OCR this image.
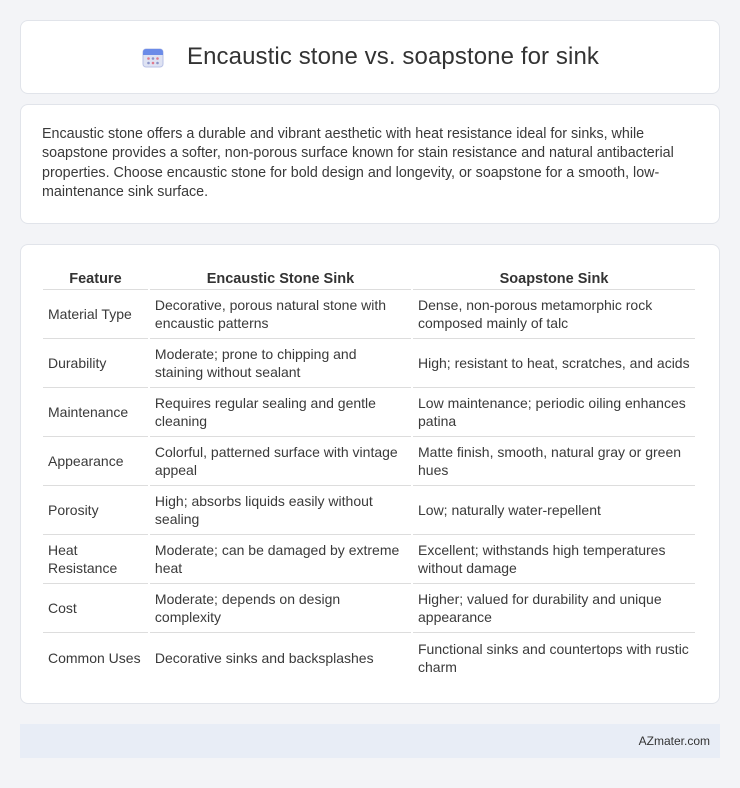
Encaustic stone vs. soapstone for sink

Encaustic stone offers a durable and vibrant aesthetic with heat resistance ideal for sinks, while soapstone provides a softer, non-porous surface known for stain resistance and natural antibacterial properties. Choose encaustic stone for bold design and longevity, or soapstone for a smooth, low-maintenance sink surface.

Feature	Encaustic Stone Sink	Soapstone Sink
Material Type	Decorative, porous natural stone with encaustic patterns	Dense, non-porous metamorphic rock composed mainly of talc
Durability	Moderate; prone to chipping and staining without sealant	High; resistant to heat, scratches, and acids
Maintenance	Requires regular sealing and gentle cleaning	Low maintenance; periodic oiling enhances patina
Appearance	Colorful, patterned surface with vintage appeal	Matte finish, smooth, natural gray or green hues
Porosity	High; absorbs liquids easily without sealing	Low; naturally water-repellent
Heat Resistance	Moderate; can be damaged by extreme heat	Excellent; withstands high temperatures without damage
Cost	Moderate; depends on design complexity	Higher; valued for durability and unique appearance
Common Uses	Decorative sinks and backsplashes	Functional sinks and countertops with rustic charm
AZmater.com
